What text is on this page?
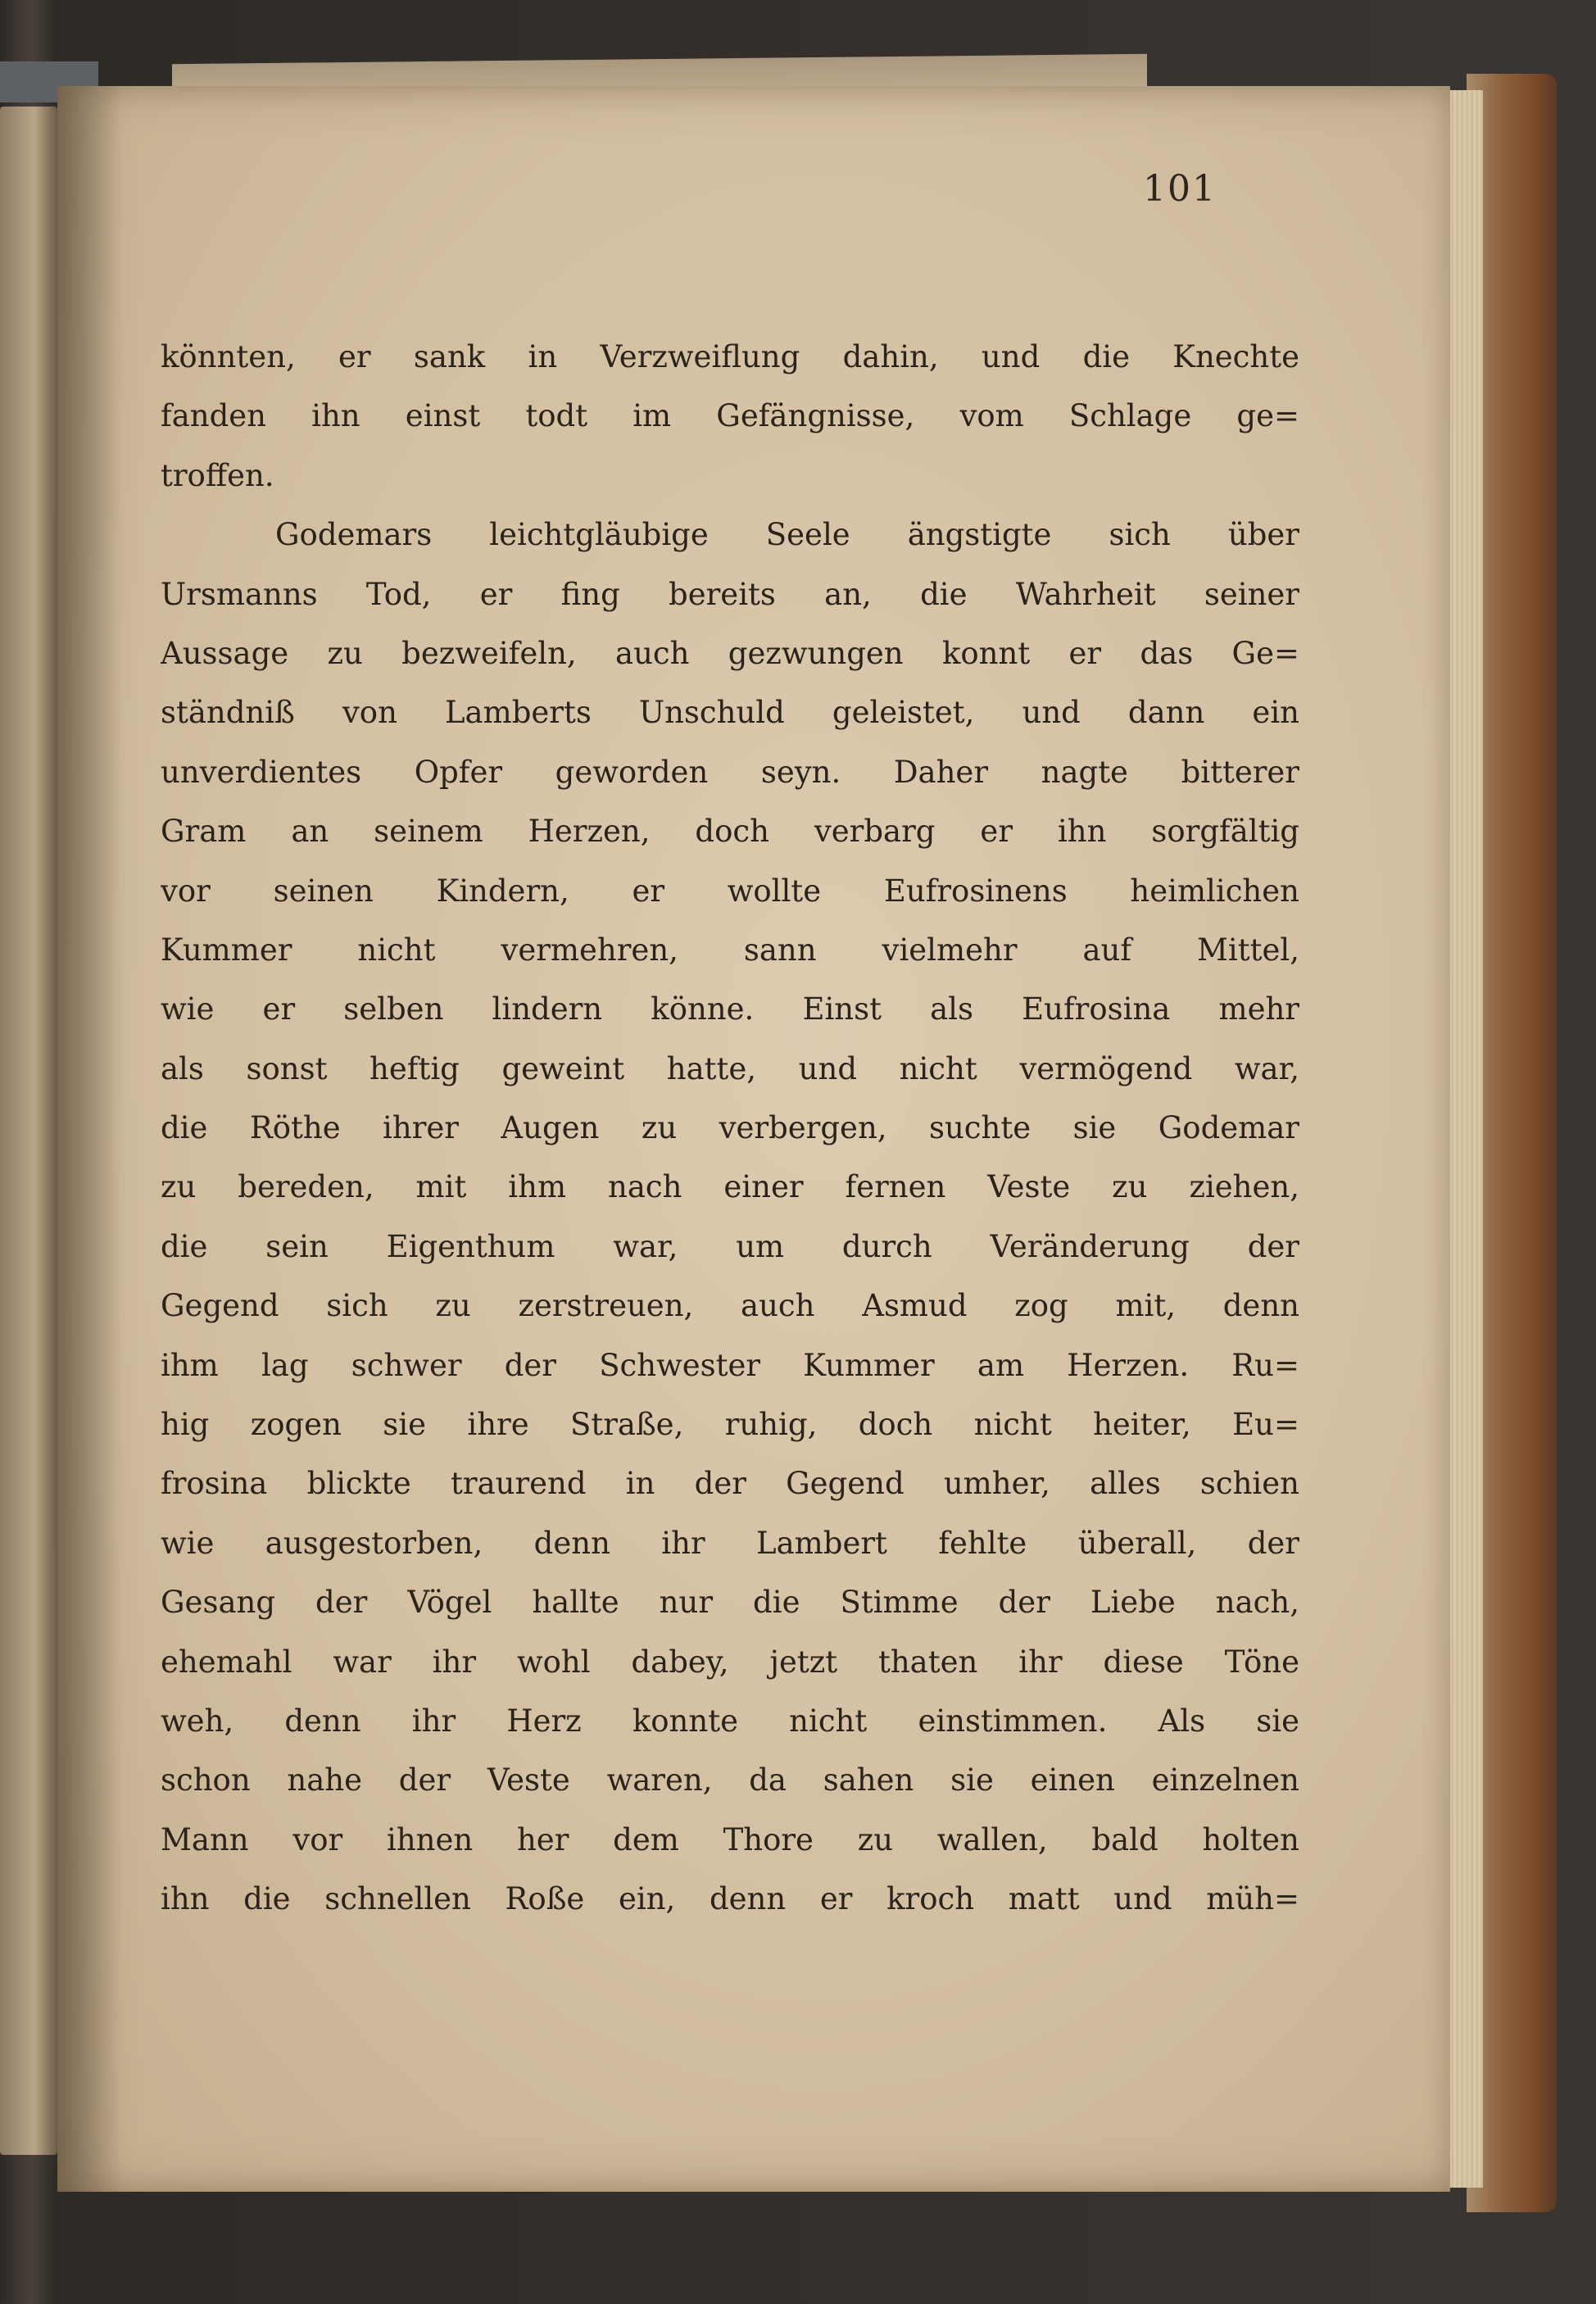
101
könnten, er sank in Verzweiflung dahin, und die Knechte
fanden ihn einst todt im Gefängnisse, vom Schlage ge=
troffen.
Godemars leichtgläubige Seele ängstigte sich über
Ursmanns Tod, er fing bereits an, die Wahrheit seiner
Aussage zu bezweifeln, auch gezwungen konnt er das Ge=
ständniß von Lamberts Unschuld geleistet, und dann ein
unverdientes Opfer geworden seyn. Daher nagte bitterer
Gram an seinem Herzen, doch verbarg er ihn sorgfältig
vor seinen Kindern, er wollte Eufrosinens heimlichen
Kummer nicht vermehren, sann vielmehr auf Mittel,
wie er selben lindern könne. Einst als Eufrosina mehr
als sonst heftig geweint hatte, und nicht vermögend war,
die Röthe ihrer Augen zu verbergen, suchte sie Godemar
zu bereden, mit ihm nach einer fernen Veste zu ziehen,
die sein Eigenthum war, um durch Veränderung der
Gegend sich zu zerstreuen, auch Asmud zog mit, denn
ihm lag schwer der Schwester Kummer am Herzen. Ru=
hig zogen sie ihre Straße, ruhig, doch nicht heiter, Eu=
frosina blickte traurend in der Gegend umher, alles schien
wie ausgestorben, denn ihr Lambert fehlte überall, der
Gesang der Vögel hallte nur die Stimme der Liebe nach,
ehemahl war ihr wohl dabey, jetzt thaten ihr diese Töne
weh, denn ihr Herz konnte nicht einstimmen. Als sie
schon nahe der Veste waren, da sahen sie einen einzelnen
Mann vor ihnen her dem Thore zu wallen, bald holten
ihn die schnellen Roße ein, denn er kroch matt und müh=
